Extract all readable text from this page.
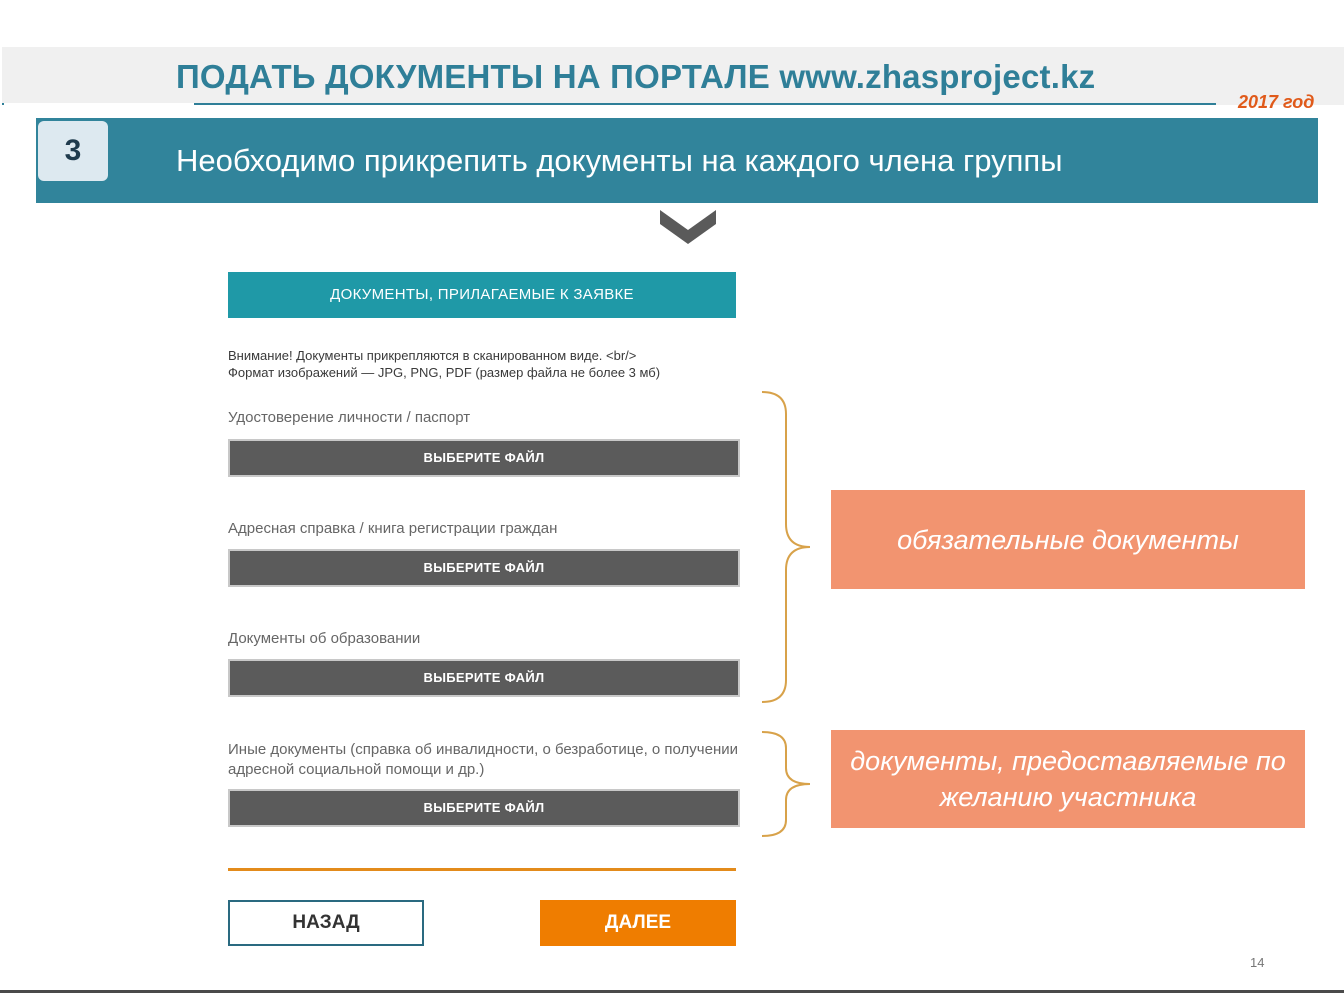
ПОДАТЬ ДОКУМЕНТЫ НА ПОРТАЛЕ www.zhasproject.kz
2017 год
3	Необходимо прикрепить документы на каждого члена группы
ДОКУМЕНТЫ, ПРИЛАГАЕМЫЕ К ЗАЯВКЕ
Внимание! Документы прикрепляются в сканированном виде. <br/>
Формат изображений — JPG, PNG, PDF (размер файла не более 3 мб)
Удостоверение личности / паспорт
ВЫБЕРИТЕ ФАЙЛ
Адресная справка / книга регистрации граждан
ВЫБЕРИТЕ ФАЙЛ
Документы об образовании
ВЫБЕРИТЕ ФАЙЛ
Иные документы (справка об инвалидности, о безработице, о получении адресной социальной помощи и др.)
ВЫБЕРИТЕ ФАЙЛ
обязательные документы
документы, предоставляемые по желанию участника
НАЗАД	ДАЛЕЕ
14
